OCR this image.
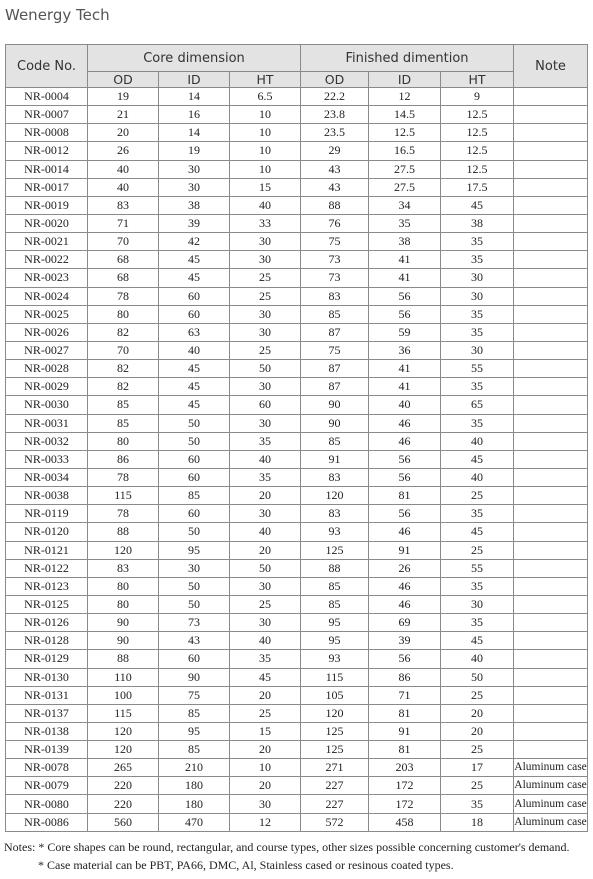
Wenergy Tech
Code No.	Core dimension			Finished dimention			Note
	OD	ID	HT	OD	ID	HT	
NR-0004	19	14	6.5	22.2	12	9	
NR-0007	21	16	10	23.8	14.5	12.5	
NR-0008	20	14	10	23.5	12.5	12.5	
NR-0012	26	19	10	29	16.5	12.5	
NR-0014	40	30	10	43	27.5	12.5	
NR-0017	40	30	15	43	27.5	17.5	
NR-0019	83	38	40	88	34	45	
NR-0020	71	39	33	76	35	38	
NR-0021	70	42	30	75	38	35	
NR-0022	68	45	30	73	41	35	
NR-0023	68	45	25	73	41	30	
NR-0024	78	60	25	83	56	30	
NR-0025	80	60	30	85	56	35	
NR-0026	82	63	30	87	59	35	
NR-0027	70	40	25	75	36	30	
NR-0028	82	45	50	87	41	55	
NR-0029	82	45	30	87	41	35	
NR-0030	85	45	60	90	40	65	
NR-0031	85	50	30	90	46	35	
NR-0032	80	50	35	85	46	40	
NR-0033	86	60	40	91	56	45	
NR-0034	78	60	35	83	56	40	
NR-0038	115	85	20	120	81	25	
NR-0119	78	60	30	83	56	35	
NR-0120	88	50	40	93	46	45	
NR-0121	120	95	20	125	91	25	
NR-0122	83	30	50	88	26	55	
NR-0123	80	50	30	85	46	35	
NR-0125	80	50	25	85	46	30	
NR-0126	90	73	30	95	69	35	
NR-0128	90	43	40	95	39	45	
NR-0129	88	60	35	93	56	40	
NR-0130	110	90	45	115	86	50	
NR-0131	100	75	20	105	71	25	
NR-0137	115	85	25	120	81	20	
NR-0138	120	95	15	125	91	20	
NR-0139	120	85	20	125	81	25	
NR-0078	265	210	10	271	203	17	Aluminum case
NR-0079	220	180	20	227	172	25	Aluminum case
NR-0080	220	180	30	227	172	35	Aluminum case
NR-0086	560	470	12	572	458	18	Aluminum case
Notes: * Core shapes can be round, rectangular, and course types, other sizes possible concerning customer's demand.
* Case material can be PBT, PA66, DMC, Al, Stainless cased or resinous coated types.
